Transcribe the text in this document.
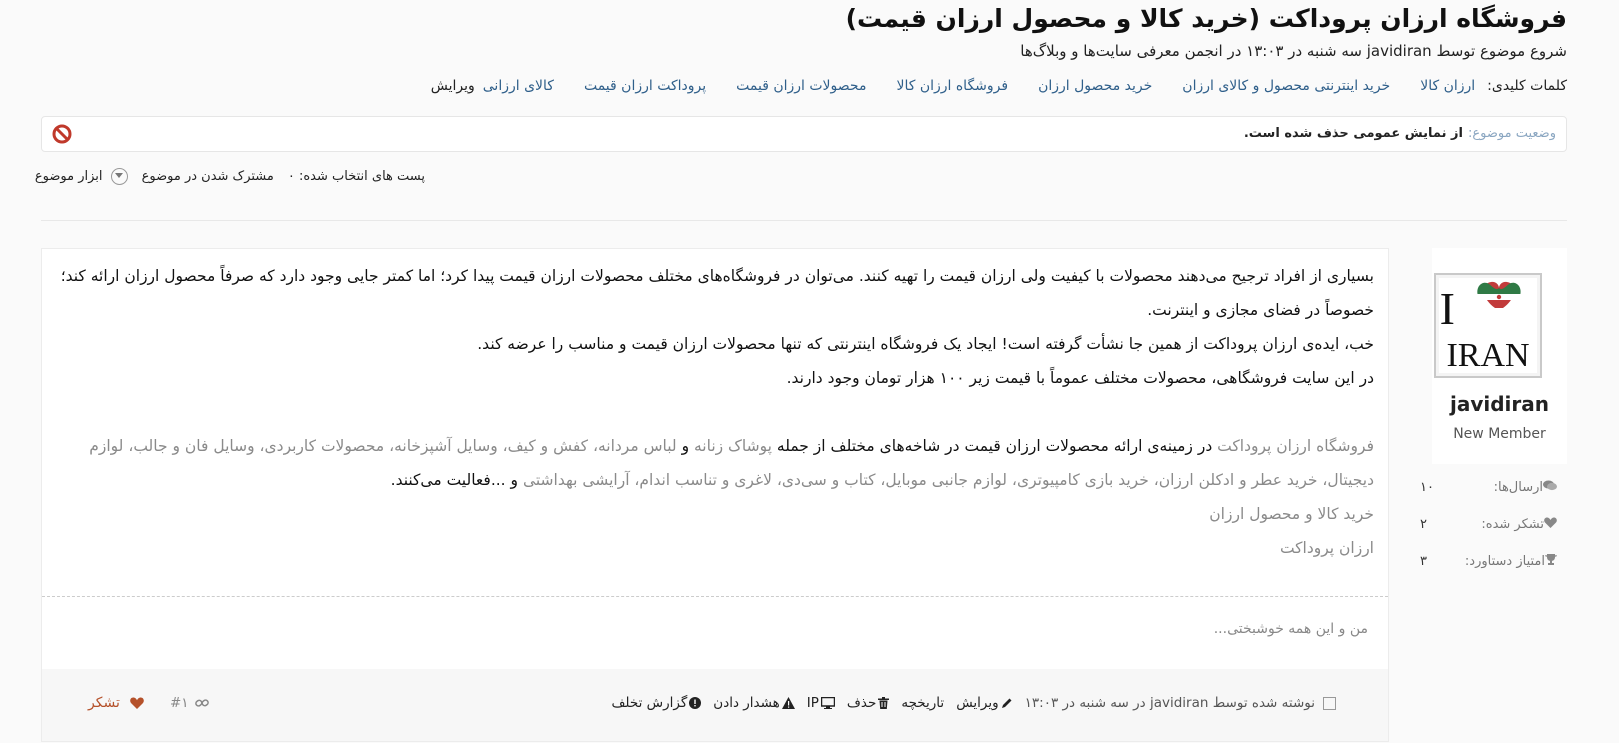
فروشگاه ارزان پروداکت (خرید کالا و محصول ارزان قیمت)
شروع موضوع توسط javidiran سه شنبه در ۱۳:۰۳ در انجمن معرفی سایت‌ها و وبلاگ‌ها
کلمات کلیدی:
ارزان کالا
خرید اینترنتی محصول و کالای ارزان
خرید محصول ارزان
فروشگاه ارزان کالا
محصولات ارزان قیمت
پروداکت ارزان قیمت
کالای ارزانی
ویرایش
وضعیت موضوع:
از نمایش عمومی حذف شده است.
پست های انتخاب شده: ۰
مشترک شدن در موضوع
ابزار موضوع
I
IRAN
javidiran
New Member
ارسال‌ها:
۱۰
تشکر شده:
۲
امتیاز دستاورد:
۳

بسیاری از افراد ترجیح می‌دهند محصولات با کیفیت ولی ارزان قیمت را تهیه کنند. می‌توان در فروشگاه‌های مختلف محصولات ارزان قیمت پیدا کرد؛ اما کمتر جایی وجود دارد که صرفاً محصول ارزان ارائه کند؛ خصوصاً در فضای مجازی و اینترنت.

خب، ایده‌ی ارزان پروداکت از همین جا نشأت گرفته است! ایجاد یک فروشگاه اینترنتی که تنها محصولات ارزان قیمت و مناسب را عرضه کند.

در این سایت فروشگاهی، محصولات مختلف عموماً با قیمت زیر ۱۰۰ هزار تومان وجود دارند.

فروشگاه ارزان پروداکت در زمینه‌ی ارائه محصولات ارزان قیمت در شاخه‌های مختلف از جمله پوشاک زنانه و لباس مردانه، کفش و کیف، وسایل آشپزخانه، محصولات کاربردی، وسایل فان و جالب، لوازم دیجیتال، خرید عطر و ادکلن ارزان، خرید بازی کامپیوتری، لوازم جانبی موبایل، کتاب و سی‌دی، لاغری و تناسب اندام، آرایشی بهداشتی و ...فعالیت می‌کنند.

خرید کالا و محصول ارزان

ارزان پروداکت

من و این همه خوشبختی...
نوشته شده توسط javidiran در سه شنبه در ۱۳:۰۳
ویرایش
تاریخچه
حذف
IP
هشدار دادن
گزارش تخلف
#۱
تشکر
